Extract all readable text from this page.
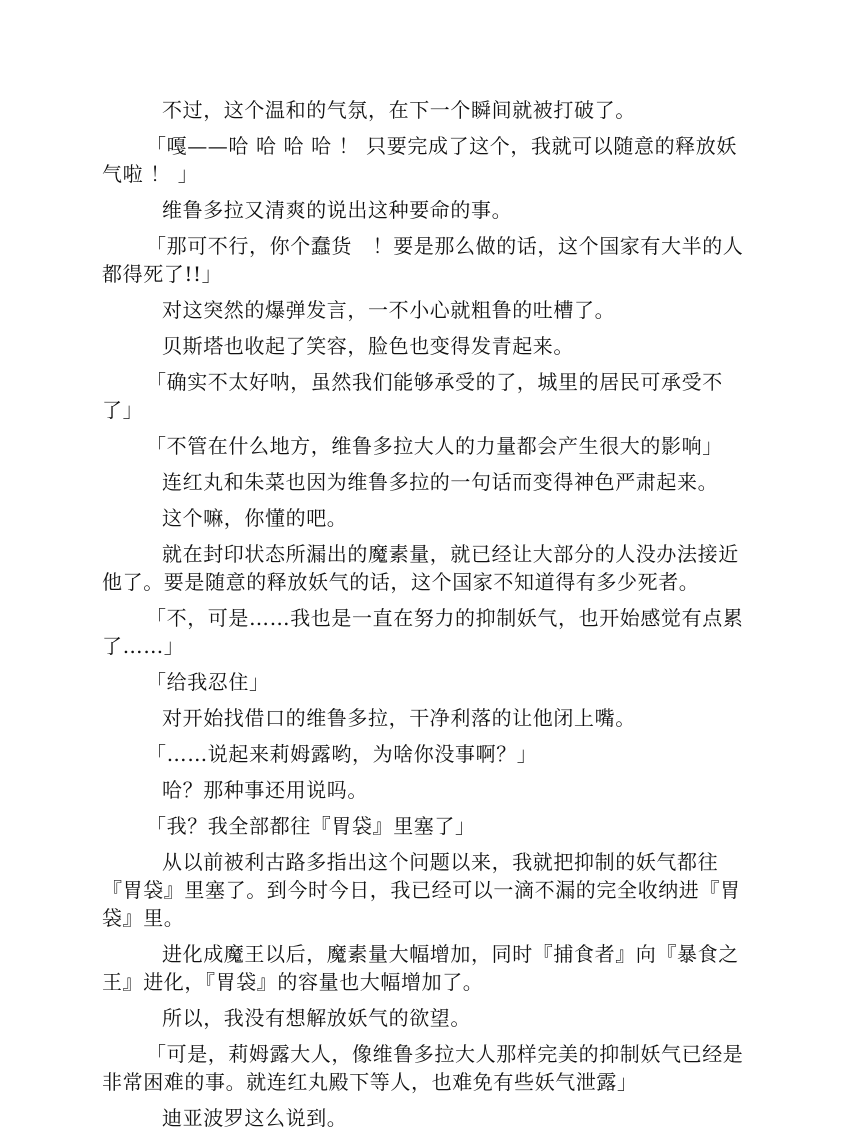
不过，这个温和的气氛，在下一个瞬间就被打破了。

「嘎——哈 哈 哈 哈 ！ 只要完成了这个，我就可以随意的释放妖气啦 ！ 」

维鲁多拉又清爽的说出这种要命的事。

「那可不行，你个蠢货　！要是那么做的话，这个国家有大半的人都得死了!!」

对这突然的爆弹发言，一不小心就粗鲁的吐槽了。

贝斯塔也收起了笑容，脸色也变得发青起来。

「确实不太好呐，虽然我们能够承受的了，城里的居民可承受不了」

「不管在什么地方，维鲁多拉大人的力量都会产生很大的影响」

连红丸和朱菜也因为维鲁多拉的一句话而变得神色严肃起来。

这个嘛，你懂的吧。

就在封印状态所漏出的魔素量，就已经让大部分的人没办法接近他了。要是随意的释放妖气的话，这个国家不知道得有多少死者。

「不，可是……我也是一直在努力的抑制妖气，也开始感觉有点累了……」

「给我忍住」

对开始找借口的维鲁多拉，干净利落的让他闭上嘴。

「……说起来莉姆露哟，为啥你没事啊？」

哈？那种事还用说吗。

「我？我全部都往『胃袋』里塞了」

从以前被利古路多指出这个问题以来，我就把抑制的妖气都往『胃袋』里塞了。到今时今日，我已经可以一滴不漏的完全收纳进『胃袋』里。

进化成魔王以后，魔素量大幅增加，同时『捕食者』向『暴食之王』进化，『胃袋』的容量也大幅增加了。

所以，我没有想解放妖气的欲望。

「可是，莉姆露大人，像维鲁多拉大人那样完美的抑制妖气已经是非常困难的事。就连红丸殿下等人，也难免有些妖气泄露」

迪亚波罗这么说到。
